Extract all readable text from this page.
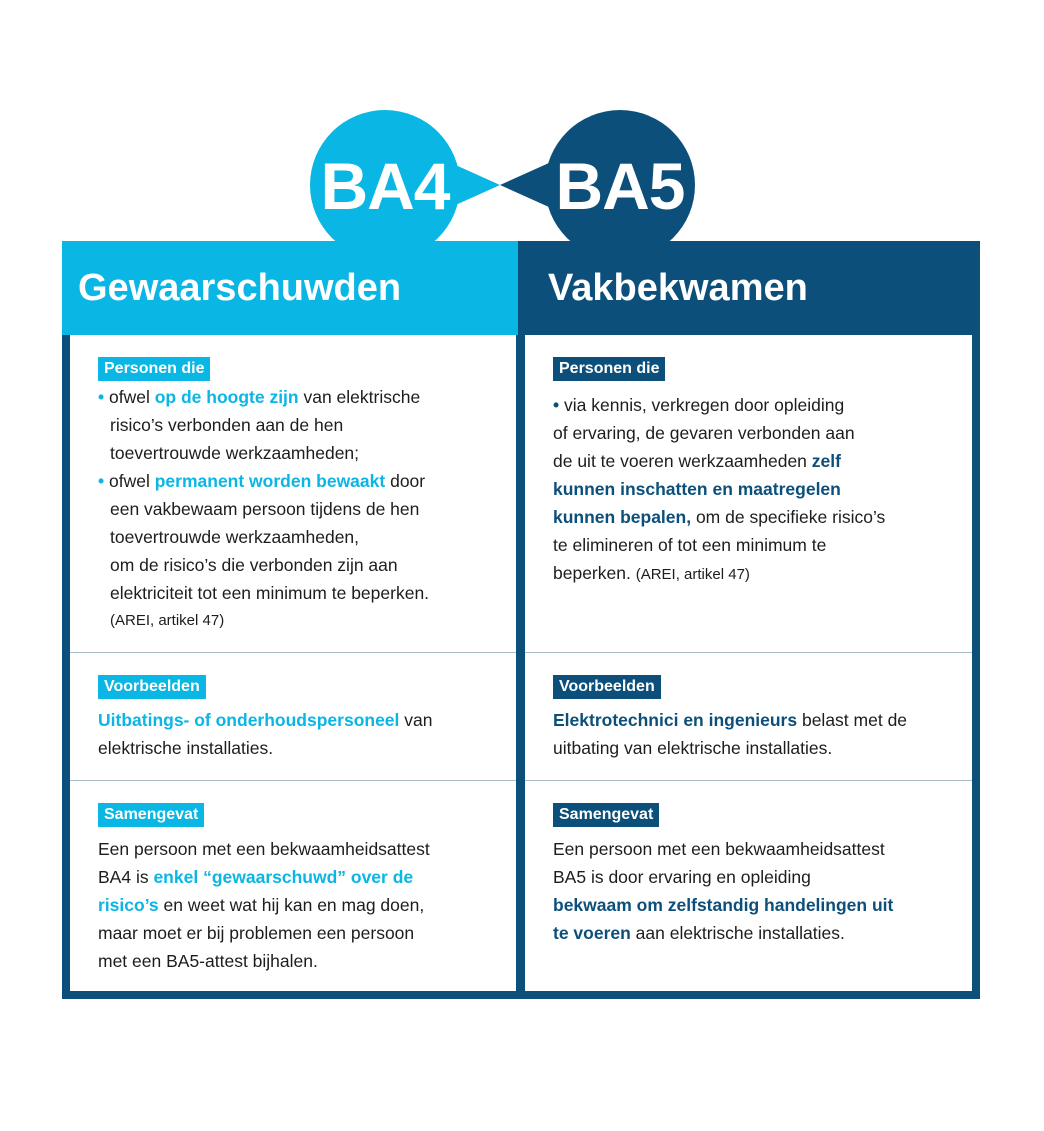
BA4 BA5
Gewaarschuwden	Vakbekwamen
Personen die
• ofwel op de hoogte zijn van elektrische
risico’s verbonden aan de hen
toevertrouwde werkzaamheden;
• ofwel permanent worden bewaakt door
een vakbewaam persoon tijdens de hen
toevertrouwde werkzaamheden,
om de risico’s die verbonden zijn aan
elektriciteit tot een minimum te beperken.
(AREI, artikel 47)
Voorbeelden
Uitbatings- of onderhoudspersoneel van
elektrische installaties.
Samengevat
Een persoon met een bekwaamheidsattest
BA4 is enkel “gewaarschuwd” over de
risico’s en weet wat hij kan en mag doen,
maar moet er bij problemen een persoon
met een BA5-attest bijhalen.
Personen die
• via kennis, verkregen door opleiding
of ervaring, de gevaren verbonden aan
de uit te voeren werkzaamheden zelf
kunnen inschatten en maatregelen
kunnen bepalen, om de specifieke risico’s
te elimineren of tot een minimum te
beperken. (AREI, artikel 47)
Voorbeelden
Elektrotechnici en ingenieurs belast met de
uitbating van elektrische installaties.
Samengevat
Een persoon met een bekwaamheidsattest
BA5 is door ervaring en opleiding
bekwaam om zelfstandig handelingen uit
te voeren aan elektrische installaties.
